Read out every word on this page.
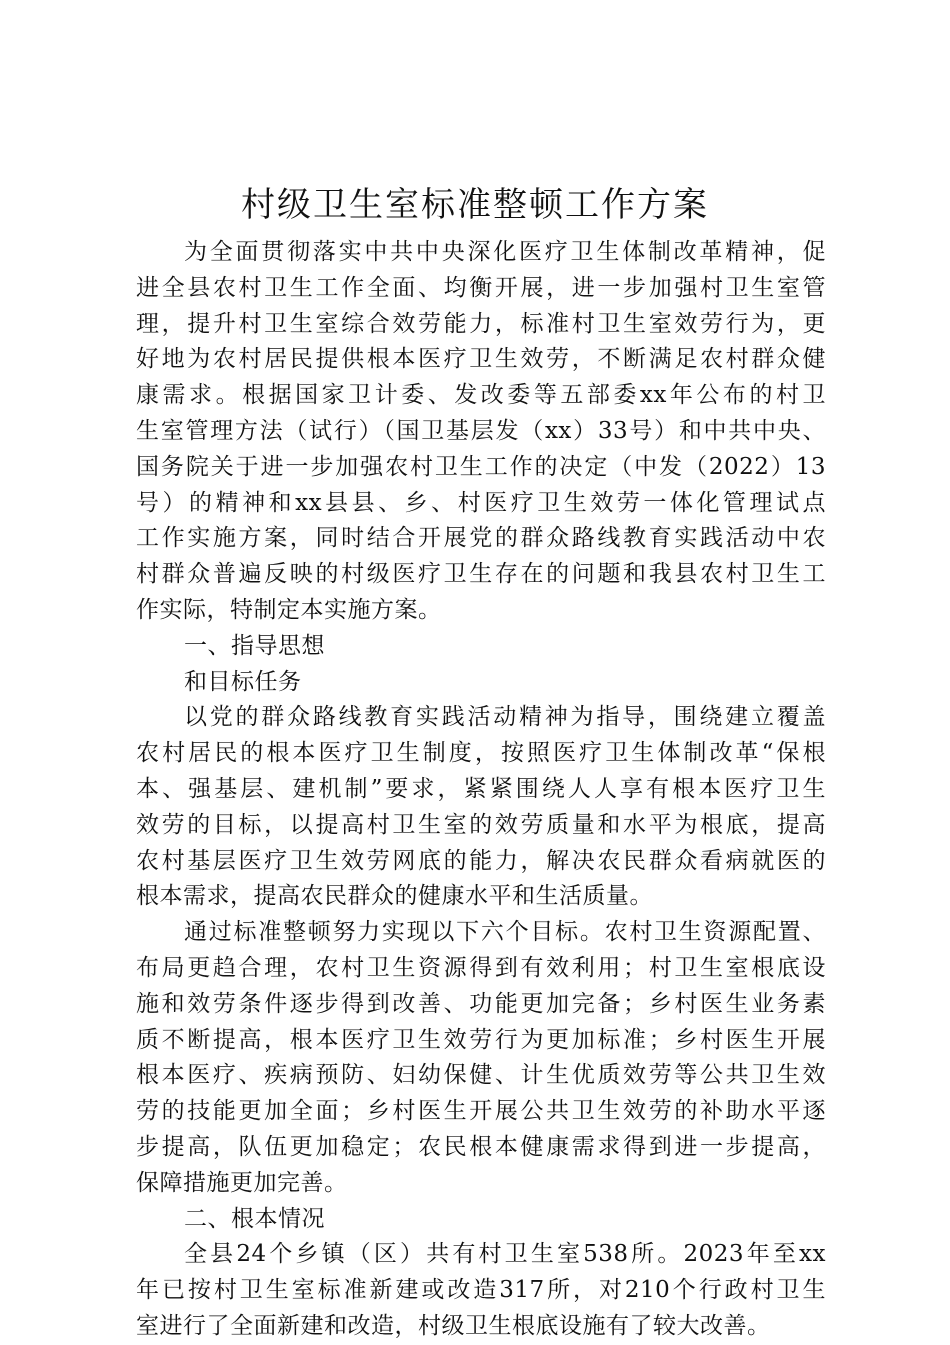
村级卫生室标准整顿工作方案
为全面贯彻落实中共中央深化医疗卫生体制改革精神，促
进全县农村卫生工作全面、均衡开展，进一步加强村卫生室管
理，提升村卫生室综合效劳能力，标准村卫生室效劳行为，更
好地为农村居民提供根本医疗卫生效劳，不断满足农村群众健
康需求。根据国家卫计委、发改委等五部委xx年公布的村卫
生室管理方法（试行）（国卫基层发（xx）33号）和中共中央、
国务院关于进一步加强农村卫生工作的决定（中发（2022）13
号）的精神和xx县县、乡、村医疗卫生效劳一体化管理试点
工作实施方案，同时结合开展党的群众路线教育实践活动中农
村群众普遍反映的村级医疗卫生存在的问题和我县农村卫生工
作实际，特制定本实施方案。
一、指导思想
和目标任务
以党的群众路线教育实践活动精神为指导，围绕建立覆盖
农村居民的根本医疗卫生制度，按照医疗卫生体制改革“保根
本、强基层、建机制”要求，紧紧围绕人人享有根本医疗卫生
效劳的目标，以提高村卫生室的效劳质量和水平为根底，提高
农村基层医疗卫生效劳网底的能力，解决农民群众看病就医的
根本需求，提高农民群众的健康水平和生活质量。
通过标准整顿努力实现以下六个目标。农村卫生资源配置、
布局更趋合理，农村卫生资源得到有效利用；村卫生室根底设
施和效劳条件逐步得到改善、功能更加完备；乡村医生业务素
质不断提高，根本医疗卫生效劳行为更加标准；乡村医生开展
根本医疗、疾病预防、妇幼保健、计生优质效劳等公共卫生效
劳的技能更加全面；乡村医生开展公共卫生效劳的补助水平逐
步提高，队伍更加稳定；农民根本健康需求得到进一步提高，
保障措施更加完善。
二、根本情况
全县24个乡镇（区）共有村卫生室538所。2023年至xx
年已按村卫生室标准新建或改造317所，对210个行政村卫生
室进行了全面新建和改造，村级卫生根底设施有了较大改善。
